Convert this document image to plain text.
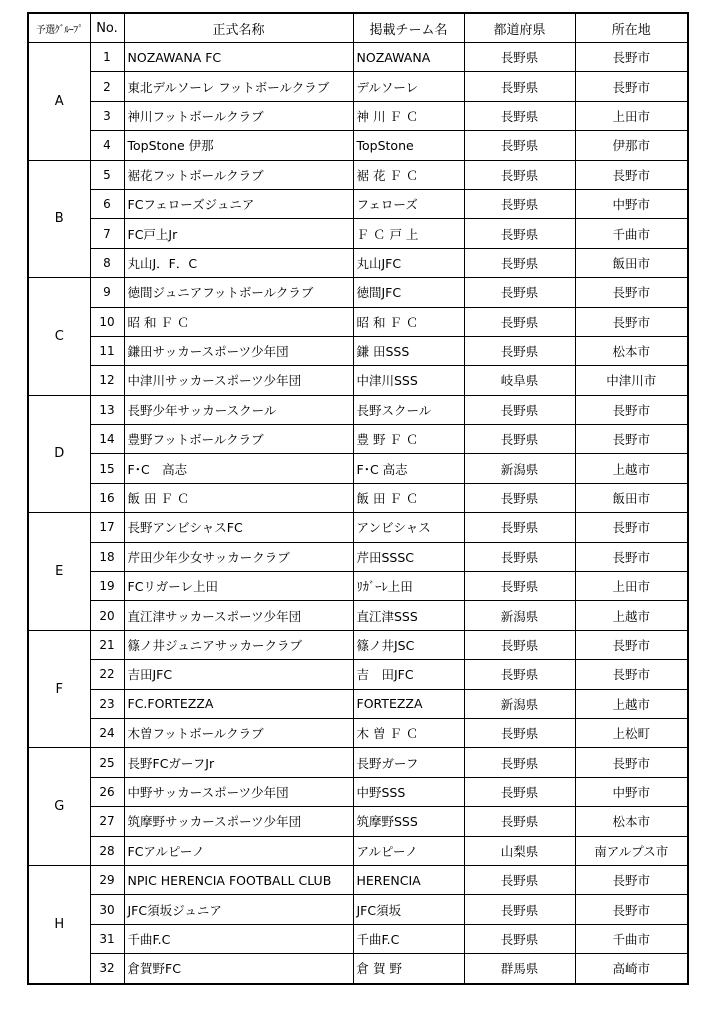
予選ｸﾞﾙｰﾌﾟ	No.	正式名称	掲載チーム名	都道府県	所在地
A	1	NOZAWANA FC	NOZAWANA	長野県	長野市
	2	東北デルソーレ フットボールクラブ	デルソーレ	長野県	長野市
	3	神川フットボールクラブ	神 川 Ｆ Ｃ	長野県	上田市
	4	TopStone 伊那	TopStone	長野県	伊那市
B	5	裾花フットボールクラブ	裾 花 Ｆ Ｃ	長野県	長野市
	6	FCフェローズジュニア	フェローズ	長野県	中野市
	7	FC戸上Jr	Ｆ Ｃ 戸 上	長野県	千曲市
	8	丸山J．F．C	丸山JFC	長野県	飯田市
C	9	徳間ジュニアフットボールクラブ	徳間JFC	長野県	長野市
	10	昭 和 Ｆ Ｃ	昭 和 Ｆ Ｃ	長野県	長野市
	11	鎌田サッカースポーツ少年団	鎌 田SSS	長野県	松本市
	12	中津川サッカースポーツ少年団	中津川SSS	岐阜県	中津川市
D	13	長野少年サッカースクール	長野スクール	長野県	長野市
	14	豊野フットボールクラブ	豊 野 Ｆ Ｃ	長野県	長野市
	15	F･C　高志	F･C 高志	新潟県	上越市
	16	飯 田 Ｆ Ｃ	飯 田 Ｆ Ｃ	長野県	飯田市
E	17	長野アンビシャスFC	アンビシャス	長野県	長野市
	18	芹田少年少女サッカークラブ	芹田SSSC	長野県	長野市
	19	FCリガーレ上田	ﾘｶﾞｰﾚ上田	長野県	上田市
	20	直江津サッカースポーツ少年団	直江津SSS	新潟県	上越市
F	21	篠ノ井ジュニアサッカークラブ	篠ノ井JSC	長野県	長野市
	22	吉田JFC	吉　田JFC	長野県	長野市
	23	FC.FORTEZZA	FORTEZZA	新潟県	上越市
	24	木曽フットボールクラブ	木 曽 Ｆ Ｃ	長野県	上松町
G	25	長野FCガーフJr	長野ガーフ	長野県	長野市
	26	中野サッカースポーツ少年団	中野SSS	長野県	中野市
	27	筑摩野サッカースポーツ少年団	筑摩野SSS	長野県	松本市
	28	FCアルピーノ	アルピーノ	山梨県	南アルプス市
H	29	NPIC HERENCIA FOOTBALL CLUB	HERENCIA	長野県	長野市
	30	JFC須坂ジュニア	JFC須坂	長野県	長野市
	31	千曲F.C	千曲F.C	長野県	千曲市
	32	倉賀野FC	倉 賀 野	群馬県	高崎市
